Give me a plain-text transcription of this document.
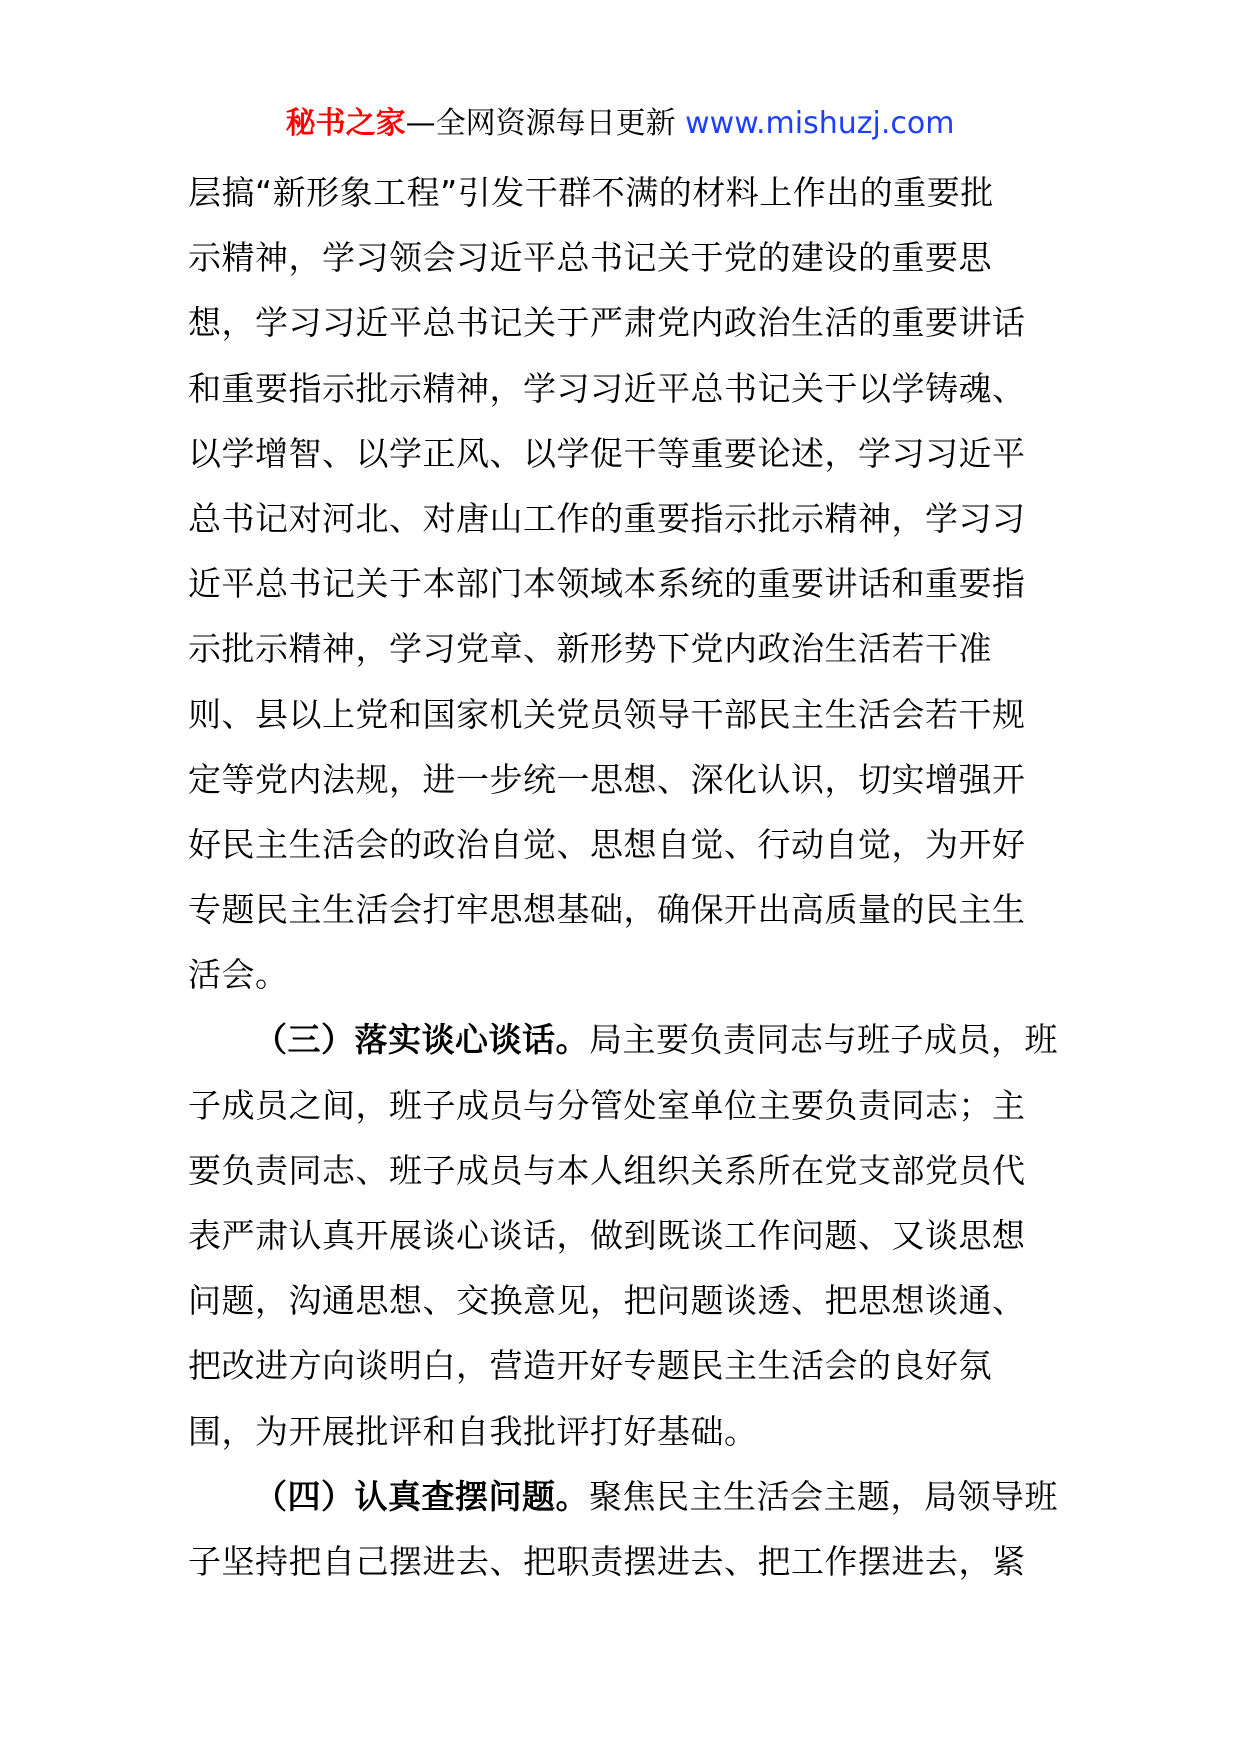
秘书之家—全网资源每日更新 www.mishuzj.com
层搞“新形象工程”引发干群不满的材料上作出的重要批
示精神，学习领会习近平总书记关于党的建设的重要思
想，学习习近平总书记关于严肃党内政治生活的重要讲话
和重要指示批示精神，学习习近平总书记关于以学铸魂、
以学增智、以学正风、以学促干等重要论述，学习习近平
总书记对河北、对唐山工作的重要指示批示精神，学习习
近平总书记关于本部门本领域本系统的重要讲话和重要指
示批示精神，学习党章、新形势下党内政治生活若干准
则、县以上党和国家机关党员领导干部民主生活会若干规
定等党内法规，进一步统一思想、深化认识，切实增强开
好民主生活会的政治自觉、思想自觉、行动自觉，为开好
专题民主生活会打牢思想基础，确保开出高质量的民主生
活会。
（三）落实谈心谈话。局主要负责同志与班子成员，班
子成员之间，班子成员与分管处室单位主要负责同志；主
要负责同志、班子成员与本人组织关系所在党支部党员代
表严肃认真开展谈心谈话，做到既谈工作问题、又谈思想
问题，沟通思想、交换意见，把问题谈透、把思想谈通、
把改进方向谈明白，营造开好专题民主生活会的良好氛
围，为开展批评和自我批评打好基础。
（四）认真查摆问题。聚焦民主生活会主题，局领导班
子坚持把自己摆进去、把职责摆进去、把工作摆进去，紧
